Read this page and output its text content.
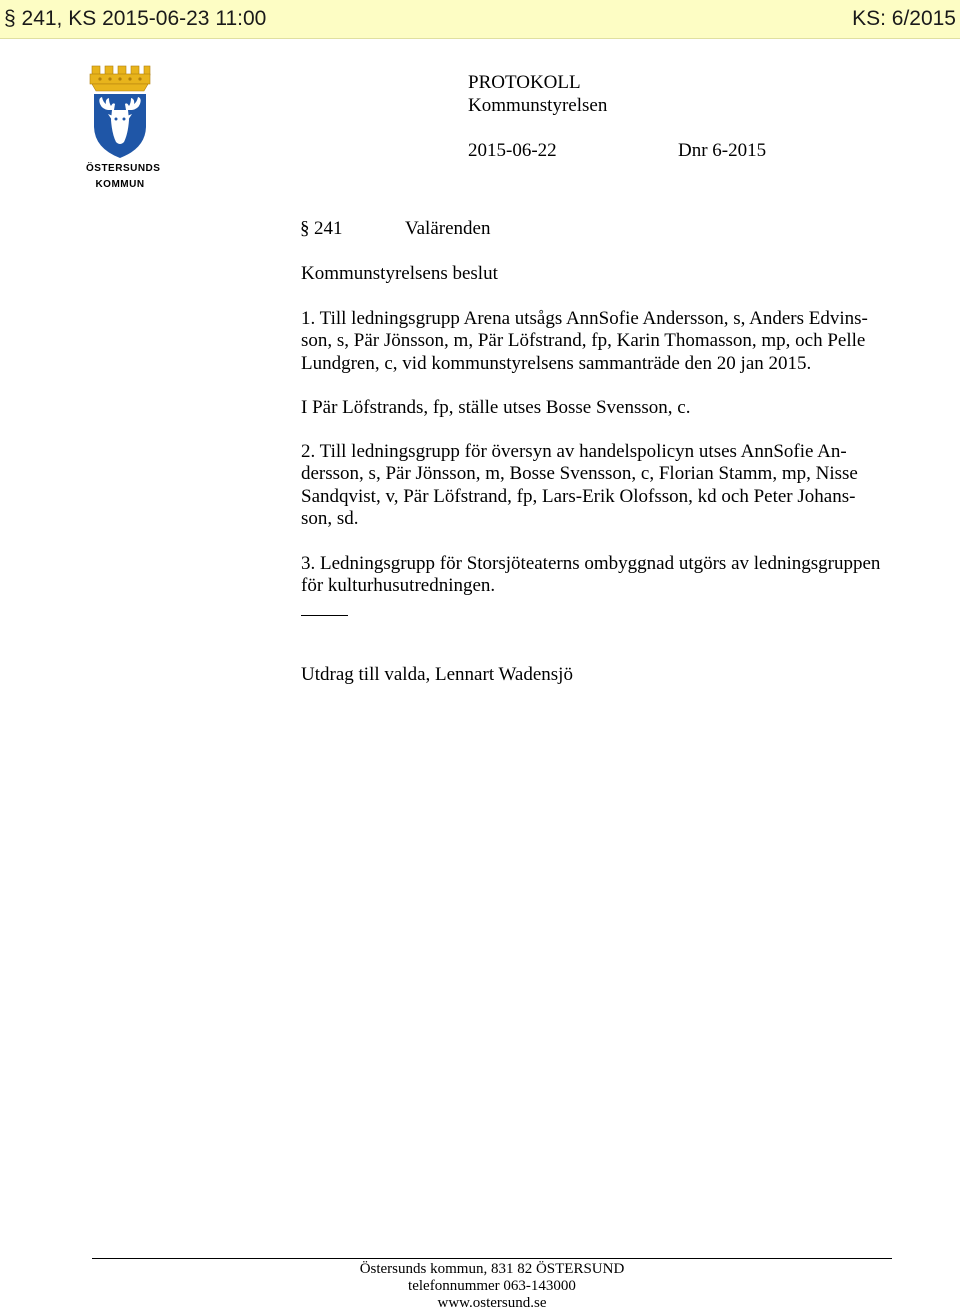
§ 241, KS 2015-06-23 11:00	KS: 6/2015
ÖSTERSUNDS
KOMMUN
PROTOKOLL
Kommunstyrelsen
2015-06-22	Dnr 6-2015
§ 241	Valärenden
Kommunstyrelsens beslut

1. Till ledningsgrupp Arena utsågs AnnSofie Andersson, s, Anders Edvins-

son, s, Pär Jönsson, m, Pär Löfstrand, fp, Karin Thomasson, mp, och Pelle

Lundgren, c, vid kommunstyrelsens sammanträde den 20 jan 2015.

I Pär Löfstrands, fp, ställe utses Bosse Svensson, c.

2. Till ledningsgrupp för översyn av handelspolicyn utses AnnSofie An-

dersson, s, Pär Jönsson, m, Bosse Svensson, c, Florian Stamm, mp, Nisse

Sandqvist, v, Pär Löfstrand, fp, Lars-Erik Olofsson, kd och Peter Johans-

son, sd.

3. Ledningsgrupp för Storsjöteaterns ombyggnad utgörs av ledningsgruppen

för kulturhusutredningen.

Utdrag till valda, Lennart Wadensjö
Östersunds kommun, 831 82 ÖSTERSUND
telefonnummer 063-143000
www.ostersund.se
